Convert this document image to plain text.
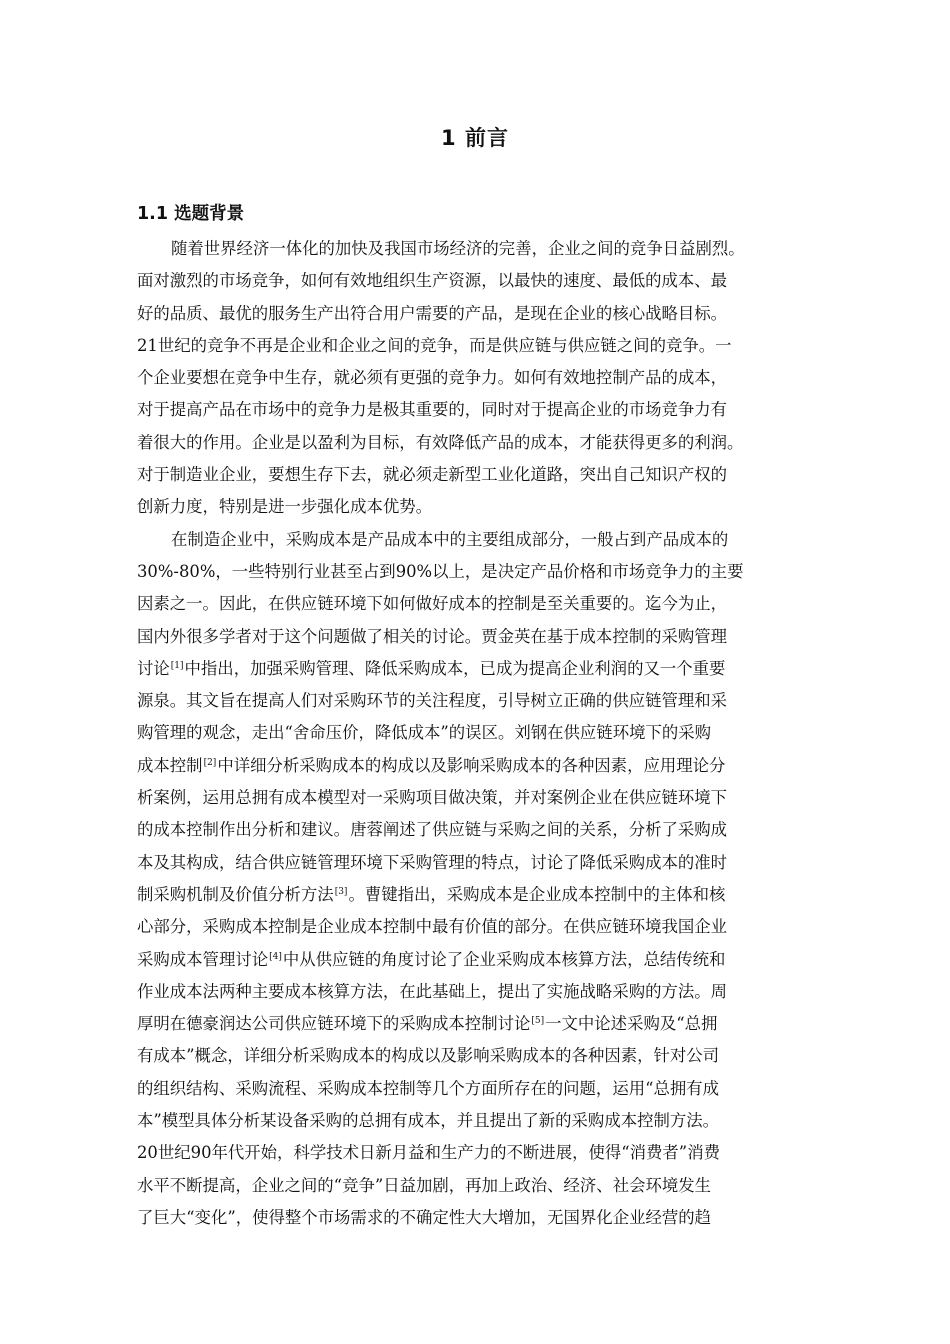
1 前言
1.1 选题背景
随着世界经济一体化的加快及我国市场经济的完善，企业之间的竞争日益剧烈。
面对激烈的市场竞争，如何有效地组织生产资源，以最快的速度、最低的成本、最
好的品质、最优的服务生产出符合用户需要的产品，是现在企业的核心战略目标。
21世纪的竞争不再是企业和企业之间的竞争，而是供应链与供应链之间的竞争。一
个企业要想在竞争中生存，就必须有更强的竞争力。如何有效地控制产品的成本，
对于提高产品在市场中的竞争力是极其重要的，同时对于提高企业的市场竞争力有
着很大的作用。企业是以盈利为目标，有效降低产品的成本，才能获得更多的利润。
对于制造业企业，要想生存下去，就必须走新型工业化道路，突出自己知识产权的
创新力度，特别是进一步强化成本优势。
在制造企业中，采购成本是产品成本中的主要组成部分，一般占到产品成本的
30%-80%，一些特别行业甚至占到90%以上，是决定产品价格和市场竞争力的主要
因素之一。因此，在供应链环境下如何做好成本的控制是至关重要的。迄今为止，
国内外很多学者对于这个问题做了相关的讨论。贾金英在基于成本控制的采购管理
讨论[1]中指出，加强采购管理、降低采购成本，已成为提高企业利润的又一个重要
源泉。其文旨在提高人们对采购环节的关注程度，引导树立正确的供应链管理和采
购管理的观念，走出“舍命压价，降低成本”的误区。刘钢在供应链环境下的采购
成本控制[2]中详细分析采购成本的构成以及影响采购成本的各种因素，应用理论分
析案例，运用总拥有成本模型对一采购项目做决策，并对案例企业在供应链环境下
的成本控制作出分析和建议。唐蓉阐述了供应链与采购之间的关系，分析了采购成
本及其构成，结合供应链管理环境下采购管理的特点，讨论了降低采购成本的准时
制采购机制及价值分析方法[3]。曹键指出，采购成本是企业成本控制中的主体和核
心部分，采购成本控制是企业成本控制中最有价值的部分。在供应链环境我国企业
采购成本管理讨论[4]中从供应链的角度讨论了企业采购成本核算方法，总结传统和
作业成本法两种主要成本核算方法，在此基础上，提出了实施战略采购的方法。周
厚明在德豪润达公司供应链环境下的采购成本控制讨论[5]一文中论述采购及“总拥
有成本”概念，详细分析采购成本的构成以及影响采购成本的各种因素，针对公司
的组织结构、采购流程、采购成本控制等几个方面所存在的问题，运用“总拥有成
本”模型具体分析某设备采购的总拥有成本，并且提出了新的采购成本控制方法。
20世纪90年代开始，科学技术日新月益和生产力的不断进展，使得“消费者”消费
水平不断提高，企业之间的“竞争”日益加剧，再加上政治、经济、社会环境发生
了巨大“变化”，使得整个市场需求的不确定性大大增加，无国界化企业经营的趋
